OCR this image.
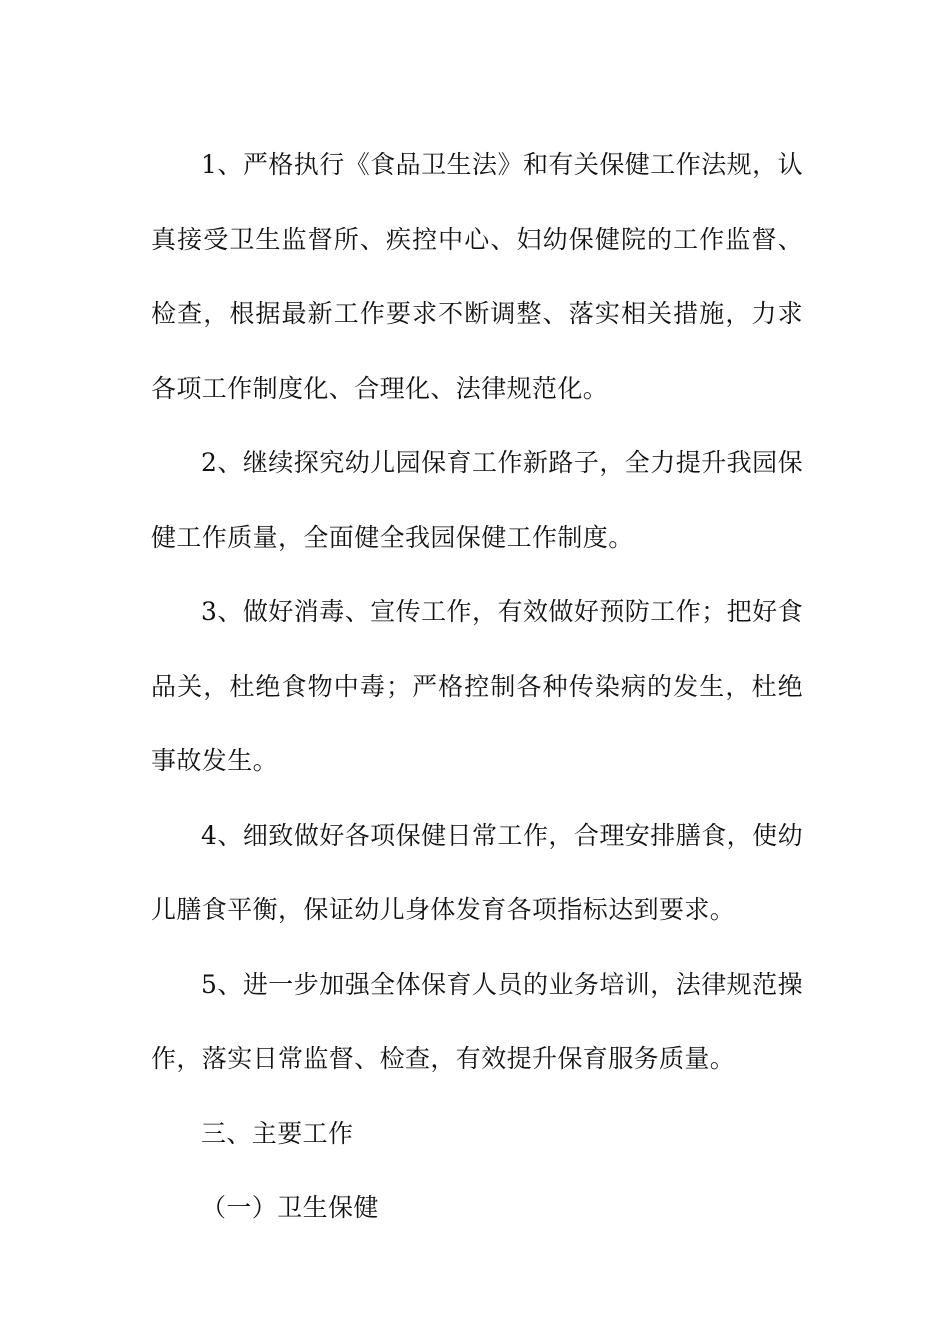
1、严格执行《食品卫生法》和有关保健工作法规，认真接受卫生监督所、疾控中心、妇幼保健院的工作监督、检查，根据最新工作要求不断调整、落实相关措施，力求各项工作制度化、合理化、法律规范化。

2、继续探究幼儿园保育工作新路子，全力提升我园保健工作质量，全面健全我园保健工作制度。

3、做好消毒、宣传工作，有效做好预防工作；把好食品关，杜绝食物中毒；严格控制各种传染病的发生，杜绝事故发生。

4、细致做好各项保健日常工作，合理安排膳食，使幼儿膳食平衡，保证幼儿身体发育各项指标达到要求。

5、进一步加强全体保育人员的业务培训，法律规范操作，落实日常监督、检查，有效提升保育服务质量。

三、主要工作

（一）卫生保健
